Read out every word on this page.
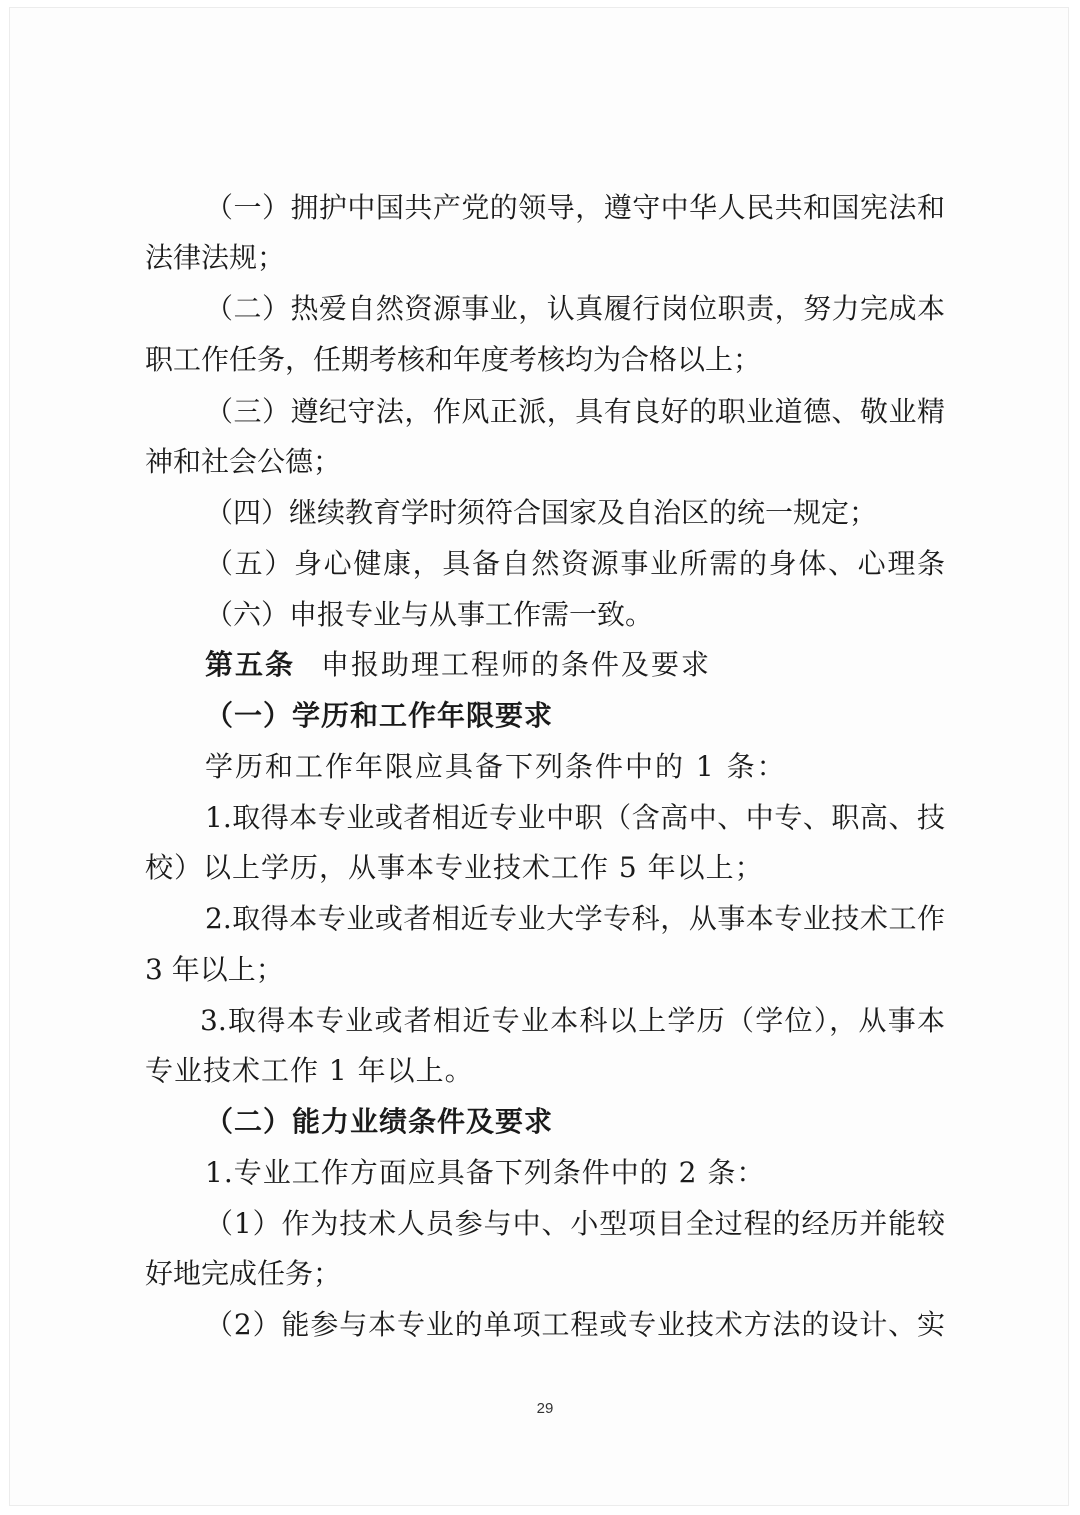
（一）拥护中国共产党的领导，遵守中华人民共和国宪法和
法律法规；
（二）热爱自然资源事业，认真履行岗位职责，努力完成本
职工作任务，任期考核和年度考核均为合格以上；
（三）遵纪守法，作风正派，具有良好的职业道德、敬业精
神和社会公德；
（四）继续教育学时须符合国家及自治区的统一规定；
（五）身心健康，具备自然资源事业所需的身体、心理条
（六）申报专业与从事工作需一致。
第五条 申报助理工程师的条件及要求
（一）学历和工作年限要求
学历和工作年限应具备下列条件中的 1 条：
1.取得本专业或者相近专业中职（含高中、中专、职高、技
校）以上学历，从事本专业技术工作 5 年以上；
2.取得本专业或者相近专业大学专科，从事本专业技术工作
3 年以上；
3.取得本专业或者相近专业本科以上学历（学位），从事本
专业技术工作 1 年以上。
（二）能力业绩条件及要求
1.专业工作方面应具备下列条件中的 2 条：
（1）作为技术人员参与中、小型项目全过程的经历并能较
好地完成任务；
（2）能参与本专业的单项工程或专业技术方法的设计、实
29
